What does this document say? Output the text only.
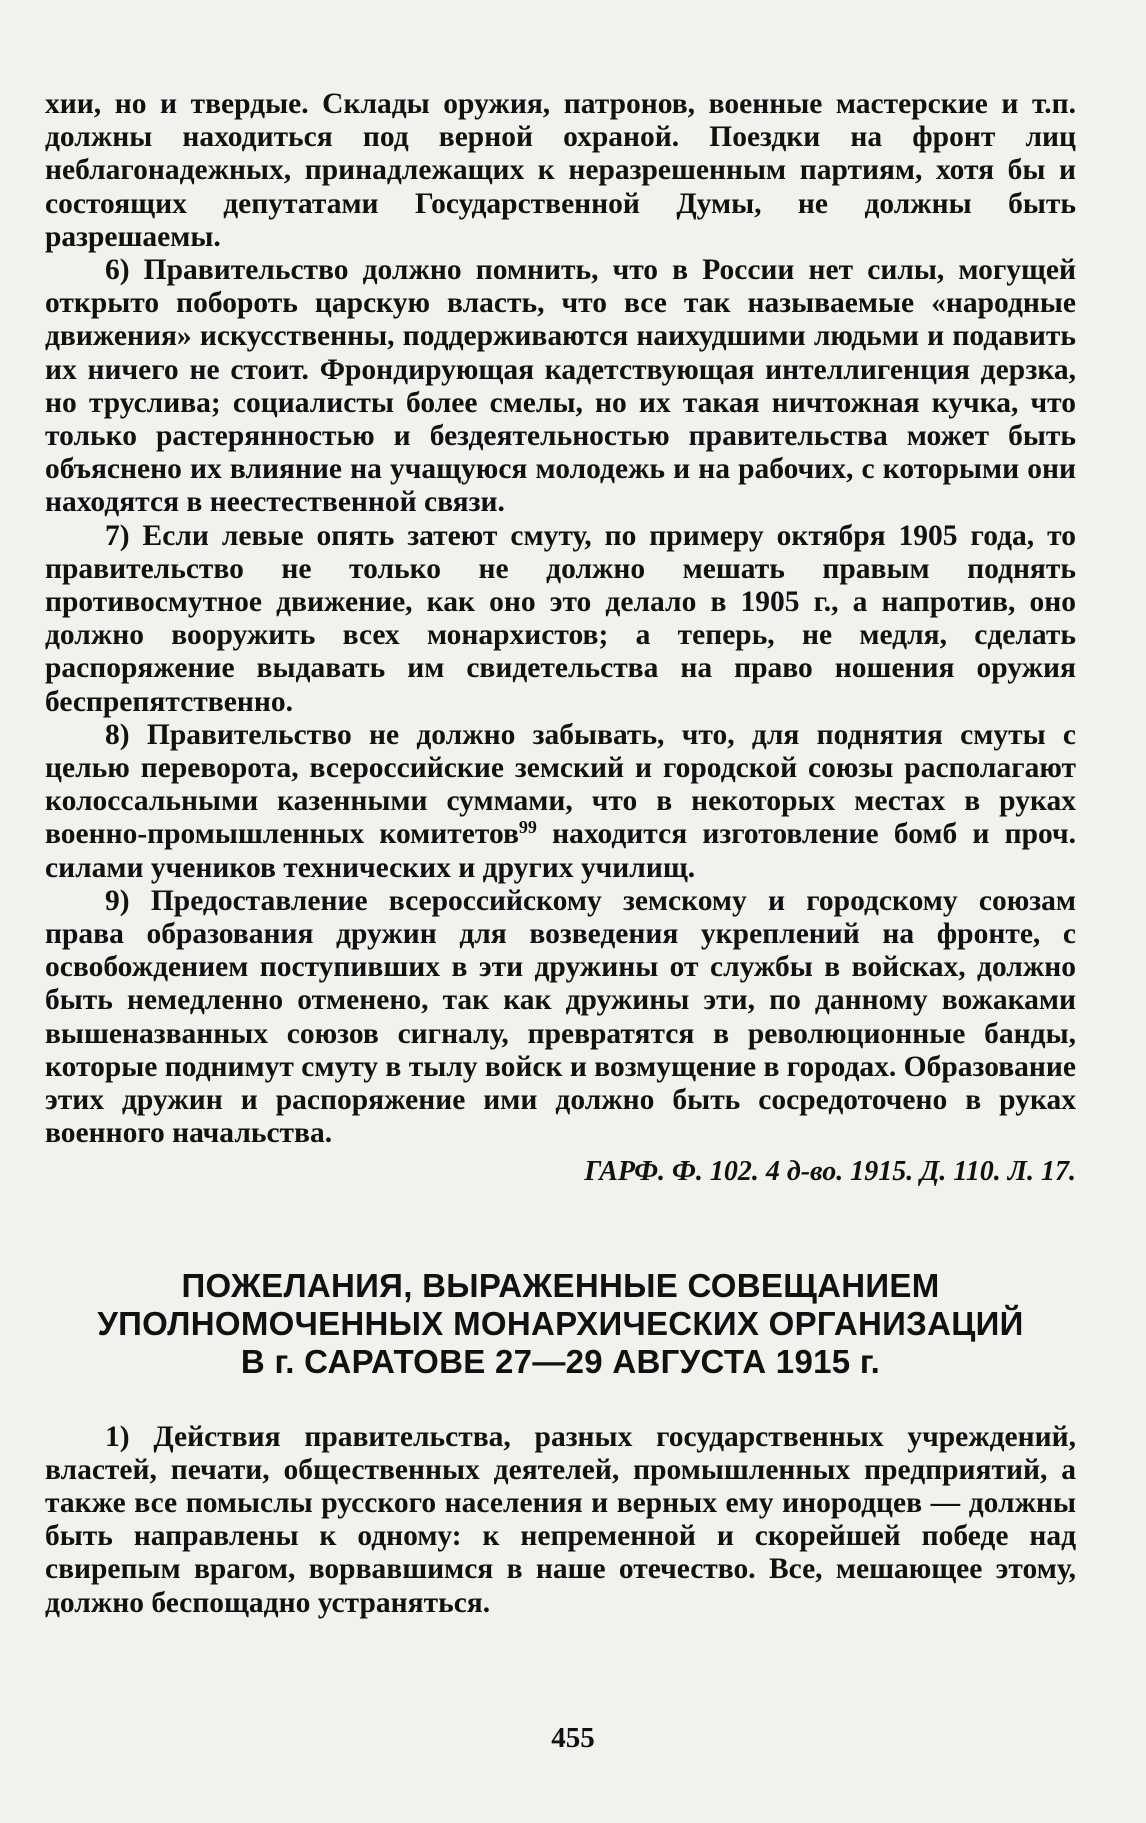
хии, но и твердые. Склады оружия, патронов, военные мастерские и т.п. должны находиться под верной охраной. Поездки на фронт лиц неблагонадежных, принадлежащих к неразрешенным партиям, хотя бы и состоящих депутатами Государственной Думы, не должны быть разрешаемы.

6) Правительство должно помнить, что в России нет силы, могущей открыто побороть царскую власть, что все так называемые «народные движения» искусственны, поддерживаются наихудшими людьми и подавить их ничего не стоит. Фрондирующая кадетствующая интеллигенция дерзка, но труслива; социалисты более смелы, но их такая ничтожная кучка, что только растерянностью и бездеятельностью правительства может быть объяснено их влияние на учащуюся молодежь и на рабочих, с которыми они находятся в неестественной связи.

7) Если левые опять затеют смуту, по примеру октября 1905 года, то правительство не только не должно мешать правым поднять противосмутное движение, как оно это делало в 1905 г., а напротив, оно должно вооружить всех монархистов; а теперь, не медля, сделать распоряжение выдавать им свидетельства на право ношения оружия беспрепятственно.

8) Правительство не должно забывать, что, для поднятия смуты с целью переворота, всероссийские земский и городской союзы располагают колоссальными казенными суммами, что в некоторых местах в руках военно-промышленных комитетов$^{99}$ находится изготовление бомб и проч. силами учеников технических и других училищ.

9) Предоставление всероссийскому земскому и городскому союзам права образования дружин для возведения укреплений на фронте, с освобождением поступивших в эти дружины от службы в войсках, должно быть немедленно отменено, так как дружины эти, по данному вожаками вышеназванных союзов сигналу, превратятся в революционные банды, которые поднимут смуту в тылу войск и возмущение в городах. Образование этих дружин и распоряжение ими должно быть сосредоточено в руках военного начальства.

ГАРФ. Ф. 102. 4 д-во. 1915. Д. 110. Л. 17.
ПОЖЕЛАНИЯ, ВЫРАЖЕННЫЕ СОВЕЩАНИЕМ
УПОЛНОМОЧЕННЫХ МОНАРХИЧЕСКИХ ОРГАНИЗАЦИЙ
В г. САРАТОВЕ 27—29 АВГУСТА 1915 г.

1) Действия правительства, разных государственных учреждений, властей, печати, общественных деятелей, промышленных предприятий, а также все помыслы русского населения и верных ему инородцев — должны быть направлены к одному: к непременной и скорейшей победе над свирепым врагом, ворвавшимся в наше отечество. Все, мешающее этому, должно беспощадно устраняться.

455
